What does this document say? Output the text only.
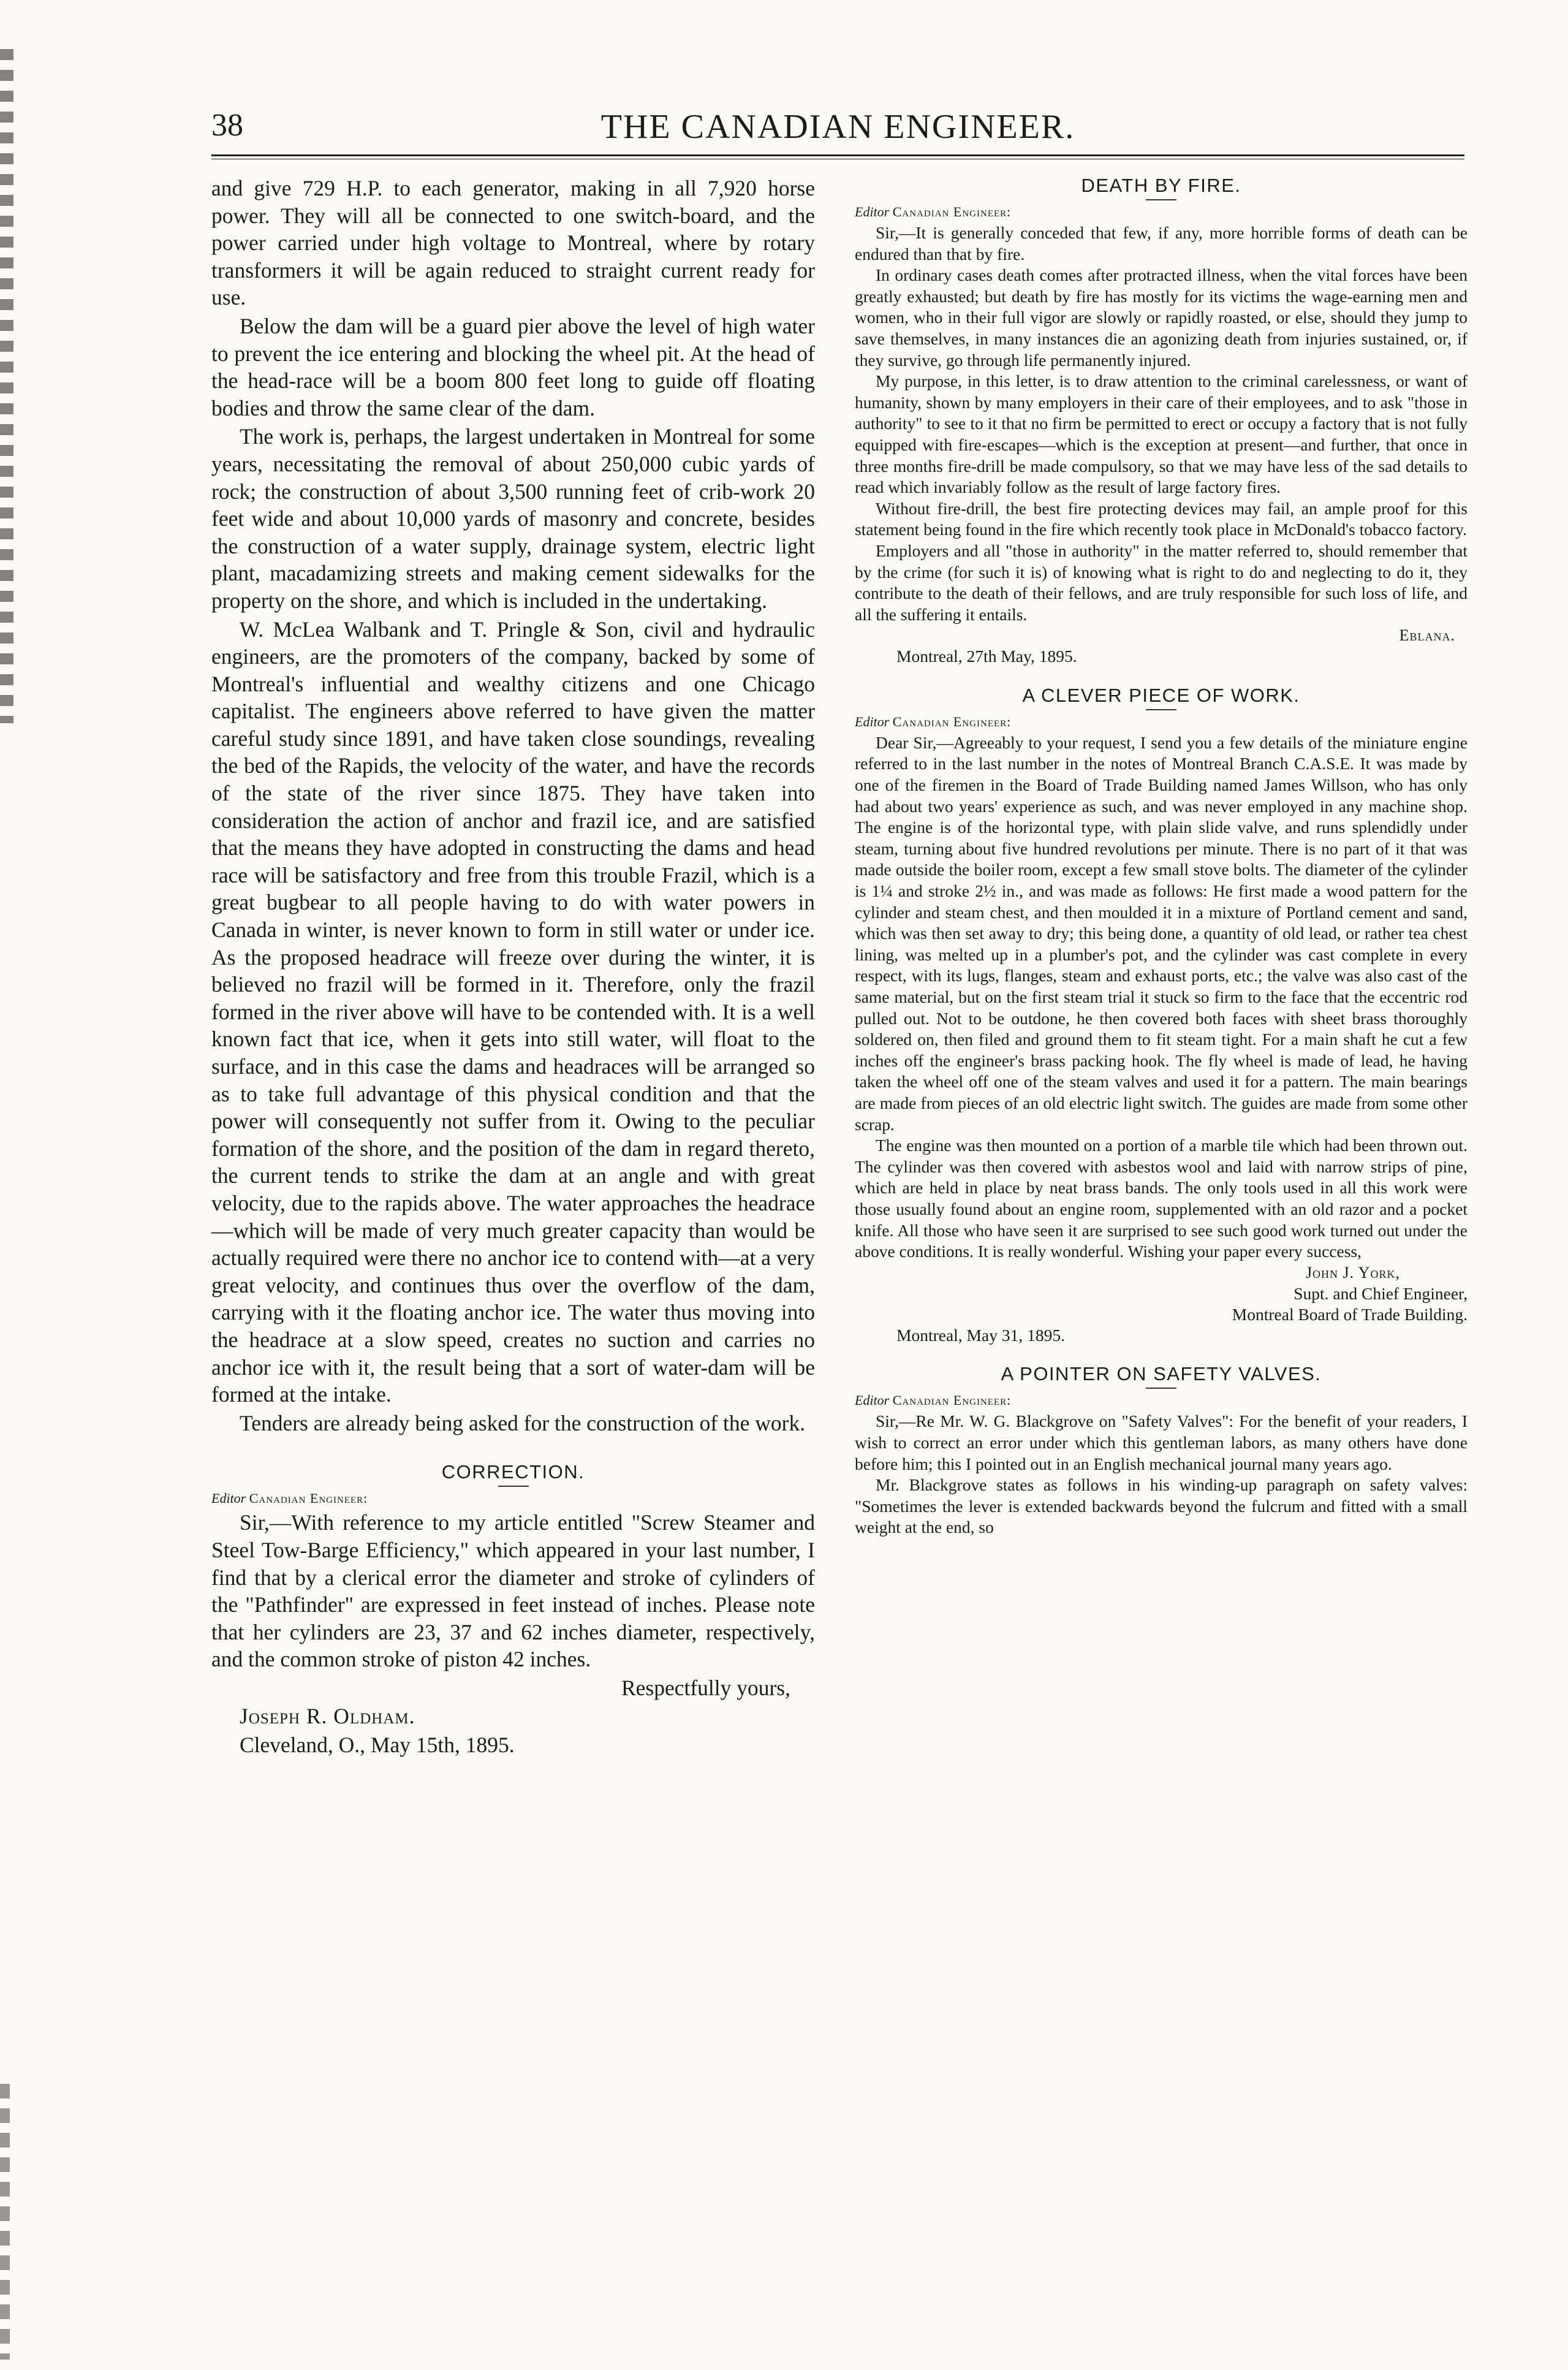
38	THE CANADIAN ENGINEER.

and give 729 H.P. to each generator, making in all 7,920 horse power. They will all be connected to one switch-board, and the power carried under high voltage to Montreal, where by rotary transformers it will be again reduced to straight current ready for use.

Below the dam will be a guard pier above the level of high water to prevent the ice entering and blocking the wheel pit. At the head of the head-race will be a boom 800 feet long to guide off floating bodies and throw the same clear of the dam.

The work is, perhaps, the largest undertaken in Montreal for some years, necessitating the removal of about 250,000 cubic yards of rock; the construction of about 3,500 running feet of crib-work 20 feet wide and about 10,000 yards of masonry and concrete, besides the construction of a water supply, drainage system, electric light plant, macadamizing streets and making cement sidewalks for the property on the shore, and which is included in the undertaking.

W. McLea Walbank and T. Pringle & Son, civil and hydraulic engineers, are the promoters of the company, backed by some of Montreal's influential and wealthy citizens and one Chicago capitalist. The engineers above referred to have given the matter careful study since 1891, and have taken close soundings, revealing the bed of the Rapids, the velocity of the water, and have the records of the state of the river since 1875. They have taken into consideration the action of anchor and frazil ice, and are satisfied that the means they have adopted in constructing the dams and head race will be satisfactory and free from this trouble Frazil, which is a great bugbear to all people having to do with water powers in Canada in winter, is never known to form in still water or under ice. As the proposed headrace will freeze over during the winter, it is believed no frazil will be formed in it. Therefore, only the frazil formed in the river above will have to be contended with. It is a well known fact that ice, when it gets into still water, will float to the surface, and in this case the dams and headraces will be arranged so as to take full advantage of this physical condition and that the power will consequently not suffer from it. Owing to the peculiar formation of the shore, and the position of the dam in regard thereto, the current tends to strike the dam at an angle and with great velocity, due to the rapids above. The water approaches the headrace—which will be made of very much greater capacity than would be actually required were there no anchor ice to contend with—at a very great velocity, and continues thus over the overflow of the dam, carrying with it the floating anchor ice. The water thus moving into the headrace at a slow speed, creates no suction and carries no anchor ice with it, the result being that a sort of water-dam will be formed at the intake.

Tenders are already being asked for the construction of the work.

CORRECTION.
Editor Canadian Engineer:

Sir,—With reference to my article entitled "Screw Steamer and Steel Tow-Barge Efficiency," which appeared in your last number, I find that by a clerical error the diameter and stroke of cylinders of the "Pathfinder" are expressed in feet instead of inches. Please note that her cylinders are 23, 37 and 62 inches diameter, respectively, and the common stroke of piston 42 inches.

Respectfully yours,

Joseph R. Oldham.

Cleveland, O., May 15th, 1895.

DEATH BY FIRE.
Editor Canadian Engineer:

Sir,—It is generally conceded that few, if any, more horrible forms of death can be endured than that by fire.

In ordinary cases death comes after protracted illness, when the vital forces have been greatly exhausted; but death by fire has mostly for its victims the wage-earning men and women, who in their full vigor are slowly or rapidly roasted, or else, should they jump to save themselves, in many instances die an agonizing death from injuries sustained, or, if they survive, go through life permanently injured.

My purpose, in this letter, is to draw attention to the criminal carelessness, or want of humanity, shown by many employers in their care of their employees, and to ask "those in authority" to see to it that no firm be permitted to erect or occupy a factory that is not fully equipped with fire-escapes—which is the exception at present—and further, that once in three months fire-drill be made compulsory, so that we may have less of the sad details to read which invariably follow as the result of large factory fires.

Without fire-drill, the best fire protecting devices may fail, an ample proof for this statement being found in the fire which recently took place in McDonald's tobacco factory.

Employers and all "those in authority" in the matter referred to, should remember that by the crime (for such it is) of knowing what is right to do and neglecting to do it, they contribute to the death of their fellows, and are truly responsible for such loss of life, and all the suffering it entails.

Eblana.

Montreal, 27th May, 1895.

A CLEVER PIECE OF WORK.
Editor Canadian Engineer:

Dear Sir,—Agreeably to your request, I send you a few details of the miniature engine referred to in the last number in the notes of Montreal Branch C.A.S.E. It was made by one of the firemen in the Board of Trade Building named James Willson, who has only had about two years' experience as such, and was never employed in any machine shop. The engine is of the horizontal type, with plain slide valve, and runs splendidly under steam, turning about five hundred revolutions per minute. There is no part of it that was made outside the boiler room, except a few small stove bolts. The diameter of the cylinder is 1¼ and stroke 2½ in., and was made as follows: He first made a wood pattern for the cylinder and steam chest, and then moulded it in a mixture of Portland cement and sand, which was then set away to dry; this being done, a quantity of old lead, or rather tea chest lining, was melted up in a plumber's pot, and the cylinder was cast complete in every respect, with its lugs, flanges, steam and exhaust ports, etc.; the valve was also cast of the same material, but on the first steam trial it stuck so firm to the face that the eccentric rod pulled out. Not to be outdone, he then covered both faces with sheet brass thoroughly soldered on, then filed and ground them to fit steam tight. For a main shaft he cut a few inches off the engineer's brass packing hook. The fly wheel is made of lead, he having taken the wheel off one of the steam valves and used it for a pattern. The main bearings are made from pieces of an old electric light switch. The guides are made from some other scrap.

The engine was then mounted on a portion of a marble tile which had been thrown out. The cylinder was then covered with asbestos wool and laid with narrow strips of pine, which are held in place by neat brass bands. The only tools used in all this work were those usually found about an engine room, supplemented with an old razor and a pocket knife. All those who have seen it are surprised to see such good work turned out under the above conditions. It is really wonderful. Wishing your paper every success,

John J. York,

Supt. and Chief Engineer,

Montreal Board of Trade Building.

Montreal, May 31, 1895.

A POINTER ON SAFETY VALVES.
Editor Canadian Engineer:

Sir,—Re Mr. W. G. Blackgrove on "Safety Valves": For the benefit of your readers, I wish to correct an error under which this gentleman labors, as many others have done before him; this I pointed out in an English mechanical journal many years ago.

Mr. Blackgrove states as follows in his winding-up paragraph on safety valves: "Sometimes the lever is extended backwards beyond the fulcrum and fitted with a small weight at the end, so
